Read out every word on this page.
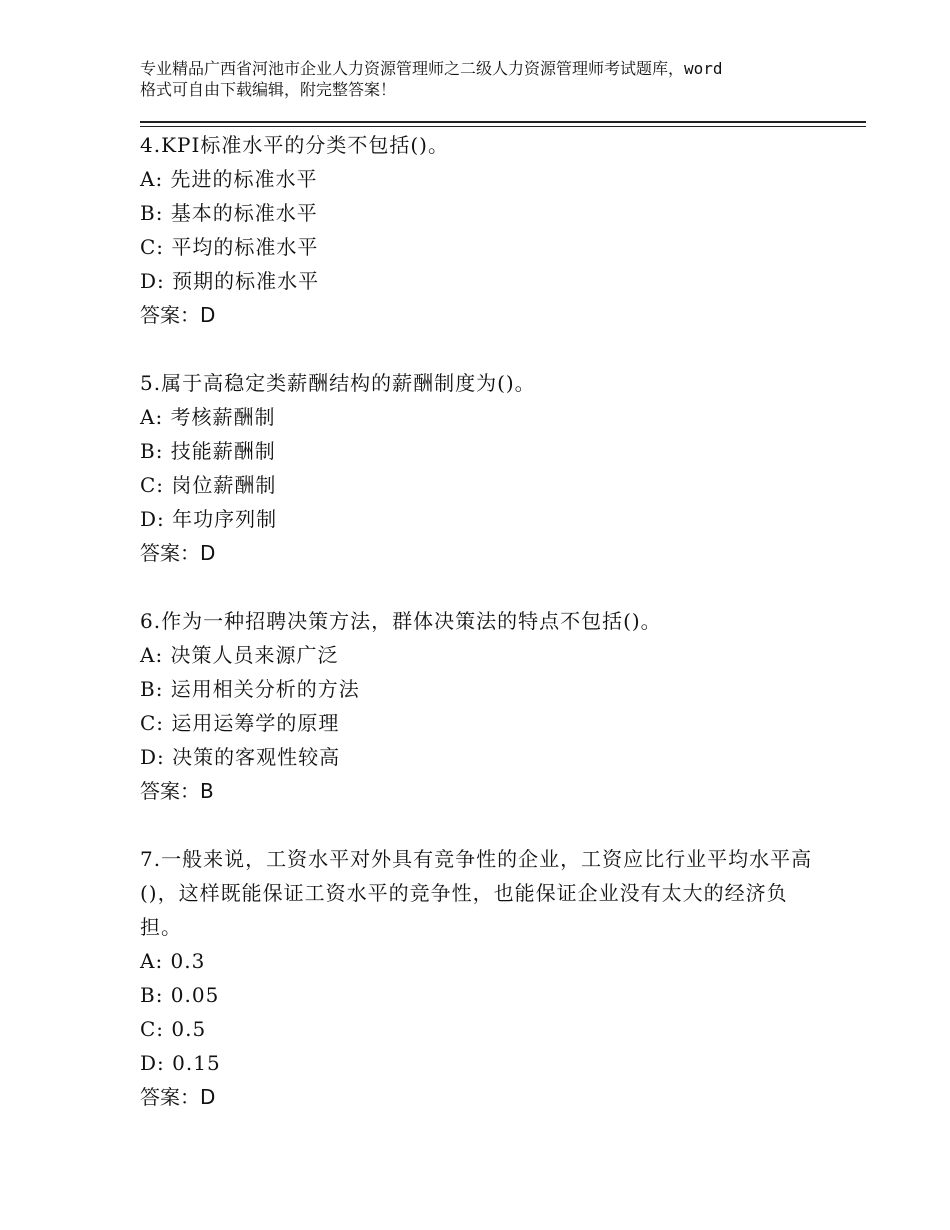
专业精品广西省河池市企业人力资源管理师之二级人力资源管理师考试题库，word
格式可自由下载编辑，附完整答案！

4.KPI标准水平的分类不包括()。

A: 先进的标准水平

B: 基本的标准水平

C: 平均的标准水平

D: 预期的标准水平

答案：D

5.属于高稳定类薪酬结构的薪酬制度为()。

A: 考核薪酬制

B: 技能薪酬制

C: 岗位薪酬制

D: 年功序列制

答案：D

6.作为一种招聘决策方法，群体决策法的特点不包括()。

A: 决策人员来源广泛

B: 运用相关分析的方法

C: 运用运筹学的原理

D: 决策的客观性较高

答案：B

7.一般来说，工资水平对外具有竞争性的企业，工资应比行业平均水平高()，这样既能保证工资水平的竞争性，也能保证企业没有太大的经济负担。

A: 0.3

B: 0.05

C: 0.5

D: 0.15

答案：D
